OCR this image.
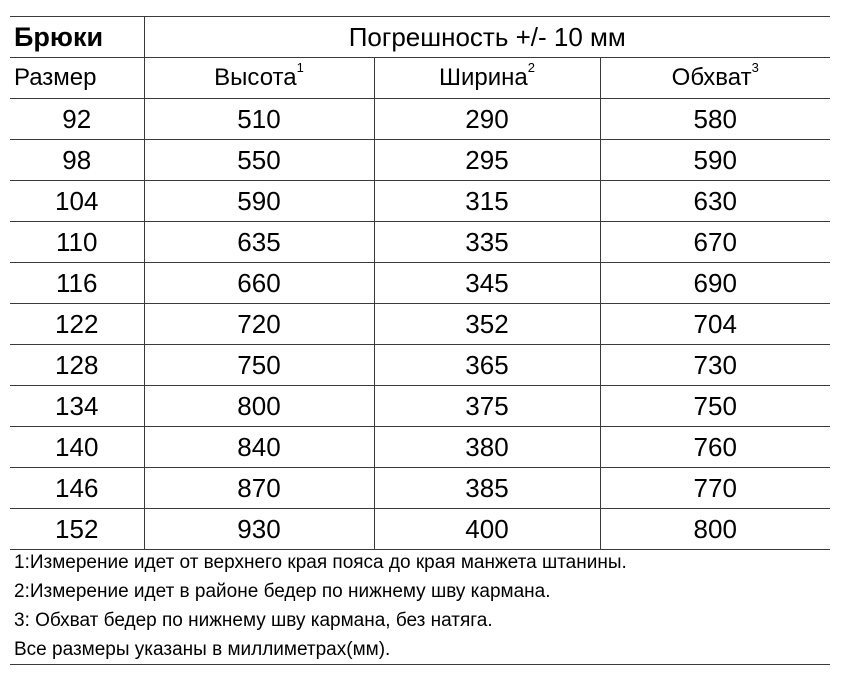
Брюки	Погрешность +/- 10 мм		
Размер	Высота$^1$	Ширина$^2$	Обхват$^3$
92	510	290	580
98	550	295	590
104	590	315	630
110	635	335	670
116	660	345	690
122	720	352	704
128	750	365	730
134	800	375	750
140	840	380	760
146	870	385	770
152	930	400	800
1:Измерение идет от верхнего края пояса до края манжета штанины.
2:Измерение идет в районе бедер по нижнему шву кармана.
3: Обхват бедер по нижнему шву кармана, без натяга.
Все размеры указаны в миллиметрах(мм).
